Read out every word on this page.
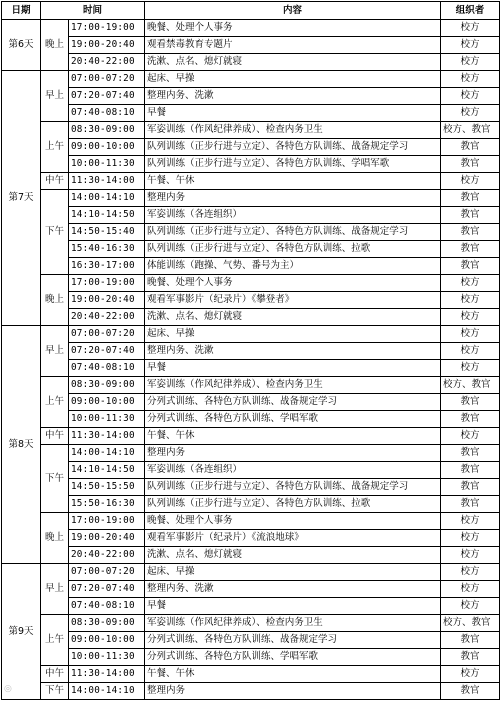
日期	时间		内容	组织者
第6天	晚上	17:00-19:00	晚餐、处理个人事务	校方
		19:00-20:40	观看禁毒教育专题片	校方
		20:40-22:00	洗漱、点名、熄灯就寝	校方
第7天	早上	07:00-07:20	起床、早操	校方
		07:20-07:40	整理内务、洗漱	校方
		07:40-08:10	早餐	校方
	上午	08:30-09:00	军姿训练（作风纪律养成）、检查内务卫生	校方、教官
		09:00-10:00	队列训练（正步行进与立定）、各特色方队训练、战备规定学习	教官
		10:00-11:30	队列训练（正步行进与立定）、各特色方队训练、学唱军歌	教官
	中午	11:30-14:00	午餐、午休	校方
	下午	14:00-14:10	整理内务	教官
		14:10-14:50	军姿训练（各连组织）	教官
		14:50-15:40	队列训练（正步行进与立定）、各特色方队训练、战备规定学习	教官
		15:40-16:30	队列训练（正步行进与立定）、各特色方队训练、拉歌	教官
		16:30-17:00	体能训练（跑操、气势、番号为主）	教官
	晚上	17:00-19:00	晚餐、处理个人事务	校方
		19:00-20:40	观看军事影片（纪录片）《攀登者》	校方
		20:40-22:00	洗漱、点名、熄灯就寝	校方
第8天	早上	07:00-07:20	起床、早操	校方
		07:20-07:40	整理内务、洗漱	校方
		07:40-08:10	早餐	校方
	上午	08:30-09:00	军姿训练（作风纪律养成）、检查内务卫生	校方、教官
		09:00-10:00	分列式训练、各特色方队训练、战备规定学习	教官
		10:00-11:30	分列式训练、各特色方队训练、学唱军歌	教官
	中午	11:30-14:00	午餐、午休	校方
	下午	14:00-14:10	整理内务	教官
		14:10-14:50	军姿训练（各连组织）	教官
		14:50-15:50	队列训练（正步行进与立定）、各特色方队训练、战备规定学习	教官
		15:50-16:30	队列训练（正步行进与立定）、各特色方队训练、拉歌	教官
	晚上	17:00-19:00	晚餐、处理个人事务	校方
		19:00-20:40	观看军事影片（纪录片）《流浪地球》	校方
		20:40-22:00	洗漱、点名、熄灯就寝	校方
第9天	早上	07:00-07:20	起床、早操	校方
		07:20-07:40	整理内务、洗漱	校方
		07:40-08:10	早餐	校方
	上午	08:30-09:00	军姿训练（作风纪律养成）、检查内务卫生	校方、教官
		09:00-10:00	分列式训练、各特色方队训练、战备规定学习	教官
		10:00-11:30	分列式训练、各特色方队训练、学唱军歌	教官
	中午	11:30-14:00	午餐、午休	校方
	下午	14:00-14:10	整理内务	教官
◎
